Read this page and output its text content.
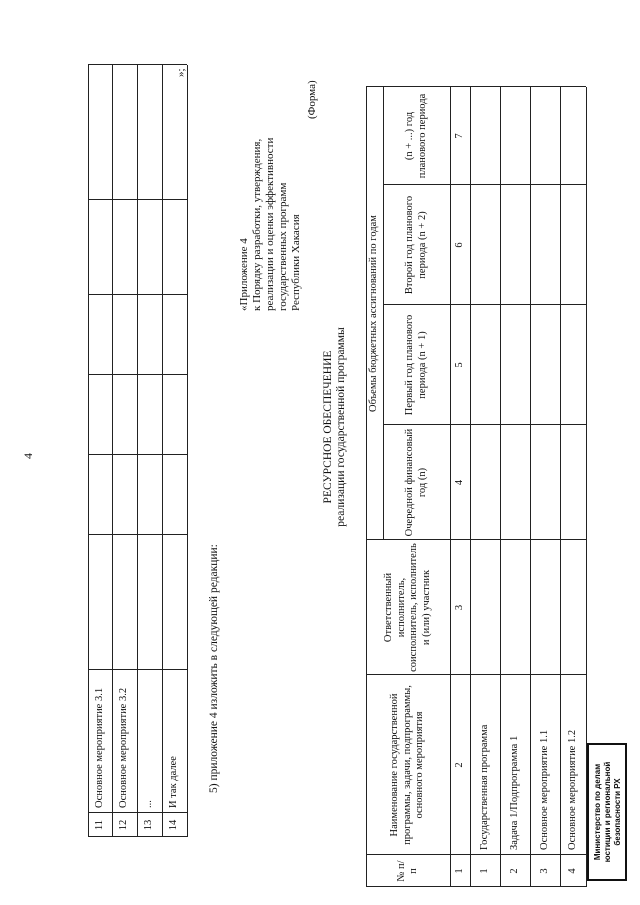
4
11
Основное мероприятие 3.1
12
Основное мероприятие 3.2
13
...
14
И так далее
»;
5) приложение 4 изложить в следующей редакции:
«Приложение 4 к Порядку разработки, утверждения, реализации и оценки эффективности государственных программ Республики Хакасия
(Форма)
РЕСУРСНОЕ ОБЕСПЕЧЕНИЕ реализации государственной программы
№ п/п
Наименование государственной программы, задачи, подпрограммы, основного мероприятия
Ответственный исполнитель, соисполнитель, исполнитель и (или) участник
Объемы бюджетных ассигнований по годам
Очередной финансовый год (n)
Первый год планового периода (n + 1)
Второй год планового периода (n + 2)
(n + ...) год планового периода
1
2
3
4
5
6
7
1
Государственная программа
2
Задача 1/Подпрограмма 1
3
Основное мероприятие 1.1
4
Основное мероприятие 1.2	Министерство по делам юстиции и региональной безопасности РХ
